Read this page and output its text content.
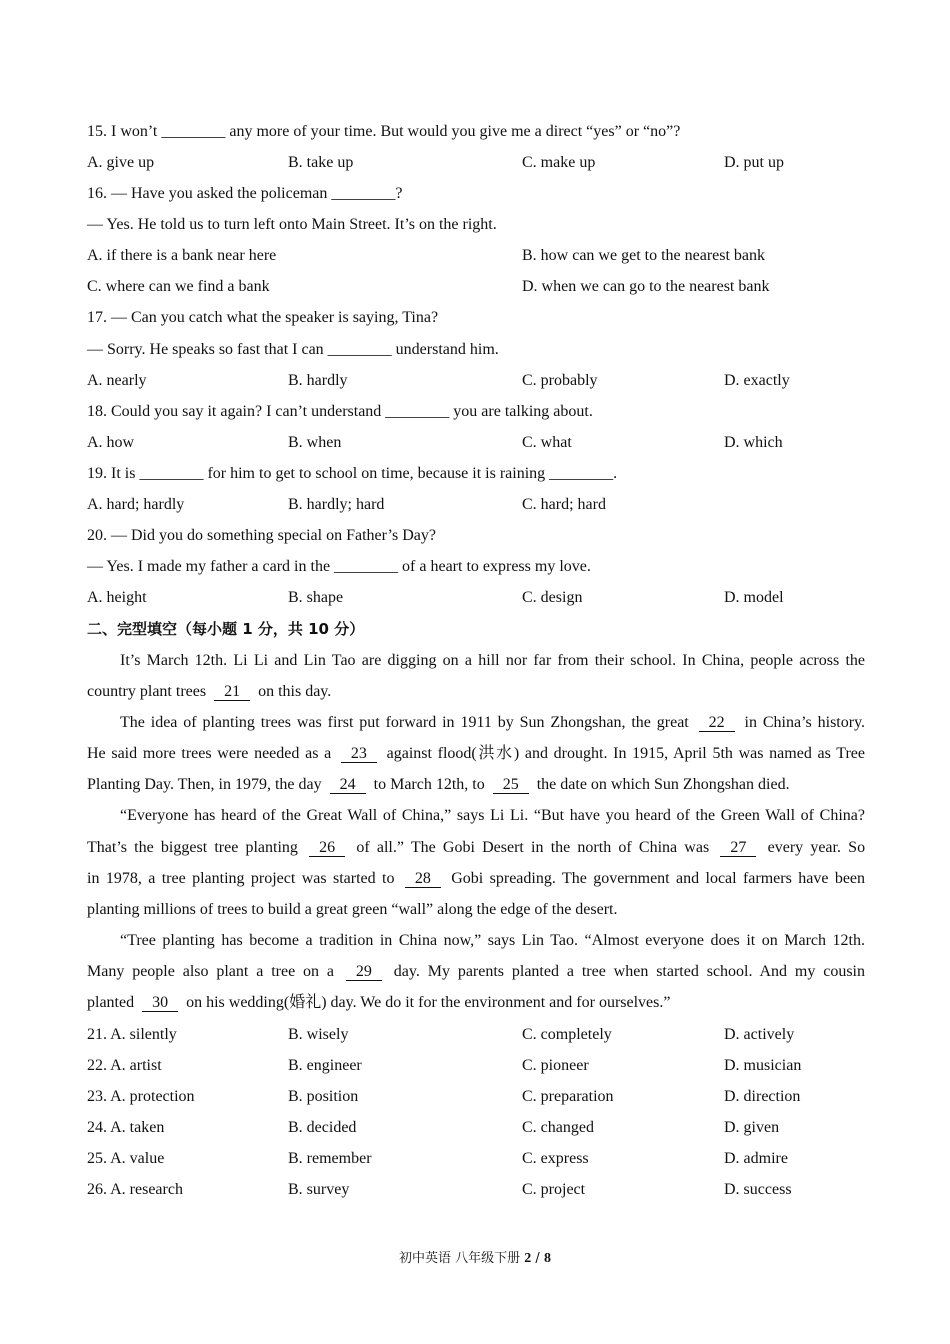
15. I won’t ________ any more of your time. But would you give me a direct “yes” or “no”?
A. give up	B. take up	C. make up	D. put up
16. — Have you asked the policeman ________?
— Yes. He told us to turn left onto Main Street. It’s on the right.
A. if there is a bank near here	B. how can we get to the nearest bank
C. where can we find a bank	D. when we can go to the nearest bank
17. — Can you catch what the speaker is saying, Tina?
— Sorry. He speaks so fast that I can ________ understand him.
A. nearly	B. hardly	C. probably	D. exactly
18. Could you say it again? I can’t understand ________ you are talking about.
A. how	B. when	C. what	D. which
19. It is ________ for him to get to school on time, because it is raining ________.
A. hard; hardly	B. hardly; hard	C. hard; hard
20. — Did you do something special on Father’s Day?
— Yes. I made my father a card in the ________ of a heart to express my love.
A. height	B. shape	C. design	D. model
二、完型填空（每小题 1 分，共 10 分）
It’s March 12th. Li Li and Lin Tao are digging on a hill nor far from their school. In China, people across the
country plant trees 21 on this day.
The idea of planting trees was first put forward in 1911 by Sun Zhongshan, the great 22 in China’s history.
He said more trees were needed as a 23 against flood(洪水) and drought. In 1915, April 5th was named as Tree
Planting Day. Then, in 1979, the day 24 to March 12th, to 25 the date on which Sun Zhongshan died.
“Everyone has heard of the Great Wall of China,” says Li Li. “But have you heard of the Green Wall of China?
That’s the biggest tree planting 26 of all.” The Gobi Desert in the north of China was 27 every year. So
in 1978, a tree planting project was started to 28 Gobi spreading. The government and local farmers have been
planting millions of trees to build a great green “wall” along the edge of the desert.
“Tree planting has become a tradition in China now,” says Lin Tao. “Almost everyone does it on March 12th.
Many people also plant a tree on a 29 day. My parents planted a tree when started school. And my cousin
planted 30 on his wedding(婚礼) day. We do it for the environment and for ourselves.”
21. A. silently	B. wisely	C. completely	D. actively
22. A. artist	B. engineer	C. pioneer	D. musician
23. A. protection	B. position	C. preparation	D. direction
24. A. taken	B. decided	C. changed	D. given
25. A. value	B. remember	C. express	D. admire
26. A. research	B. survey	C. project	D. success
初中英语 八年级下册 2 / 8
